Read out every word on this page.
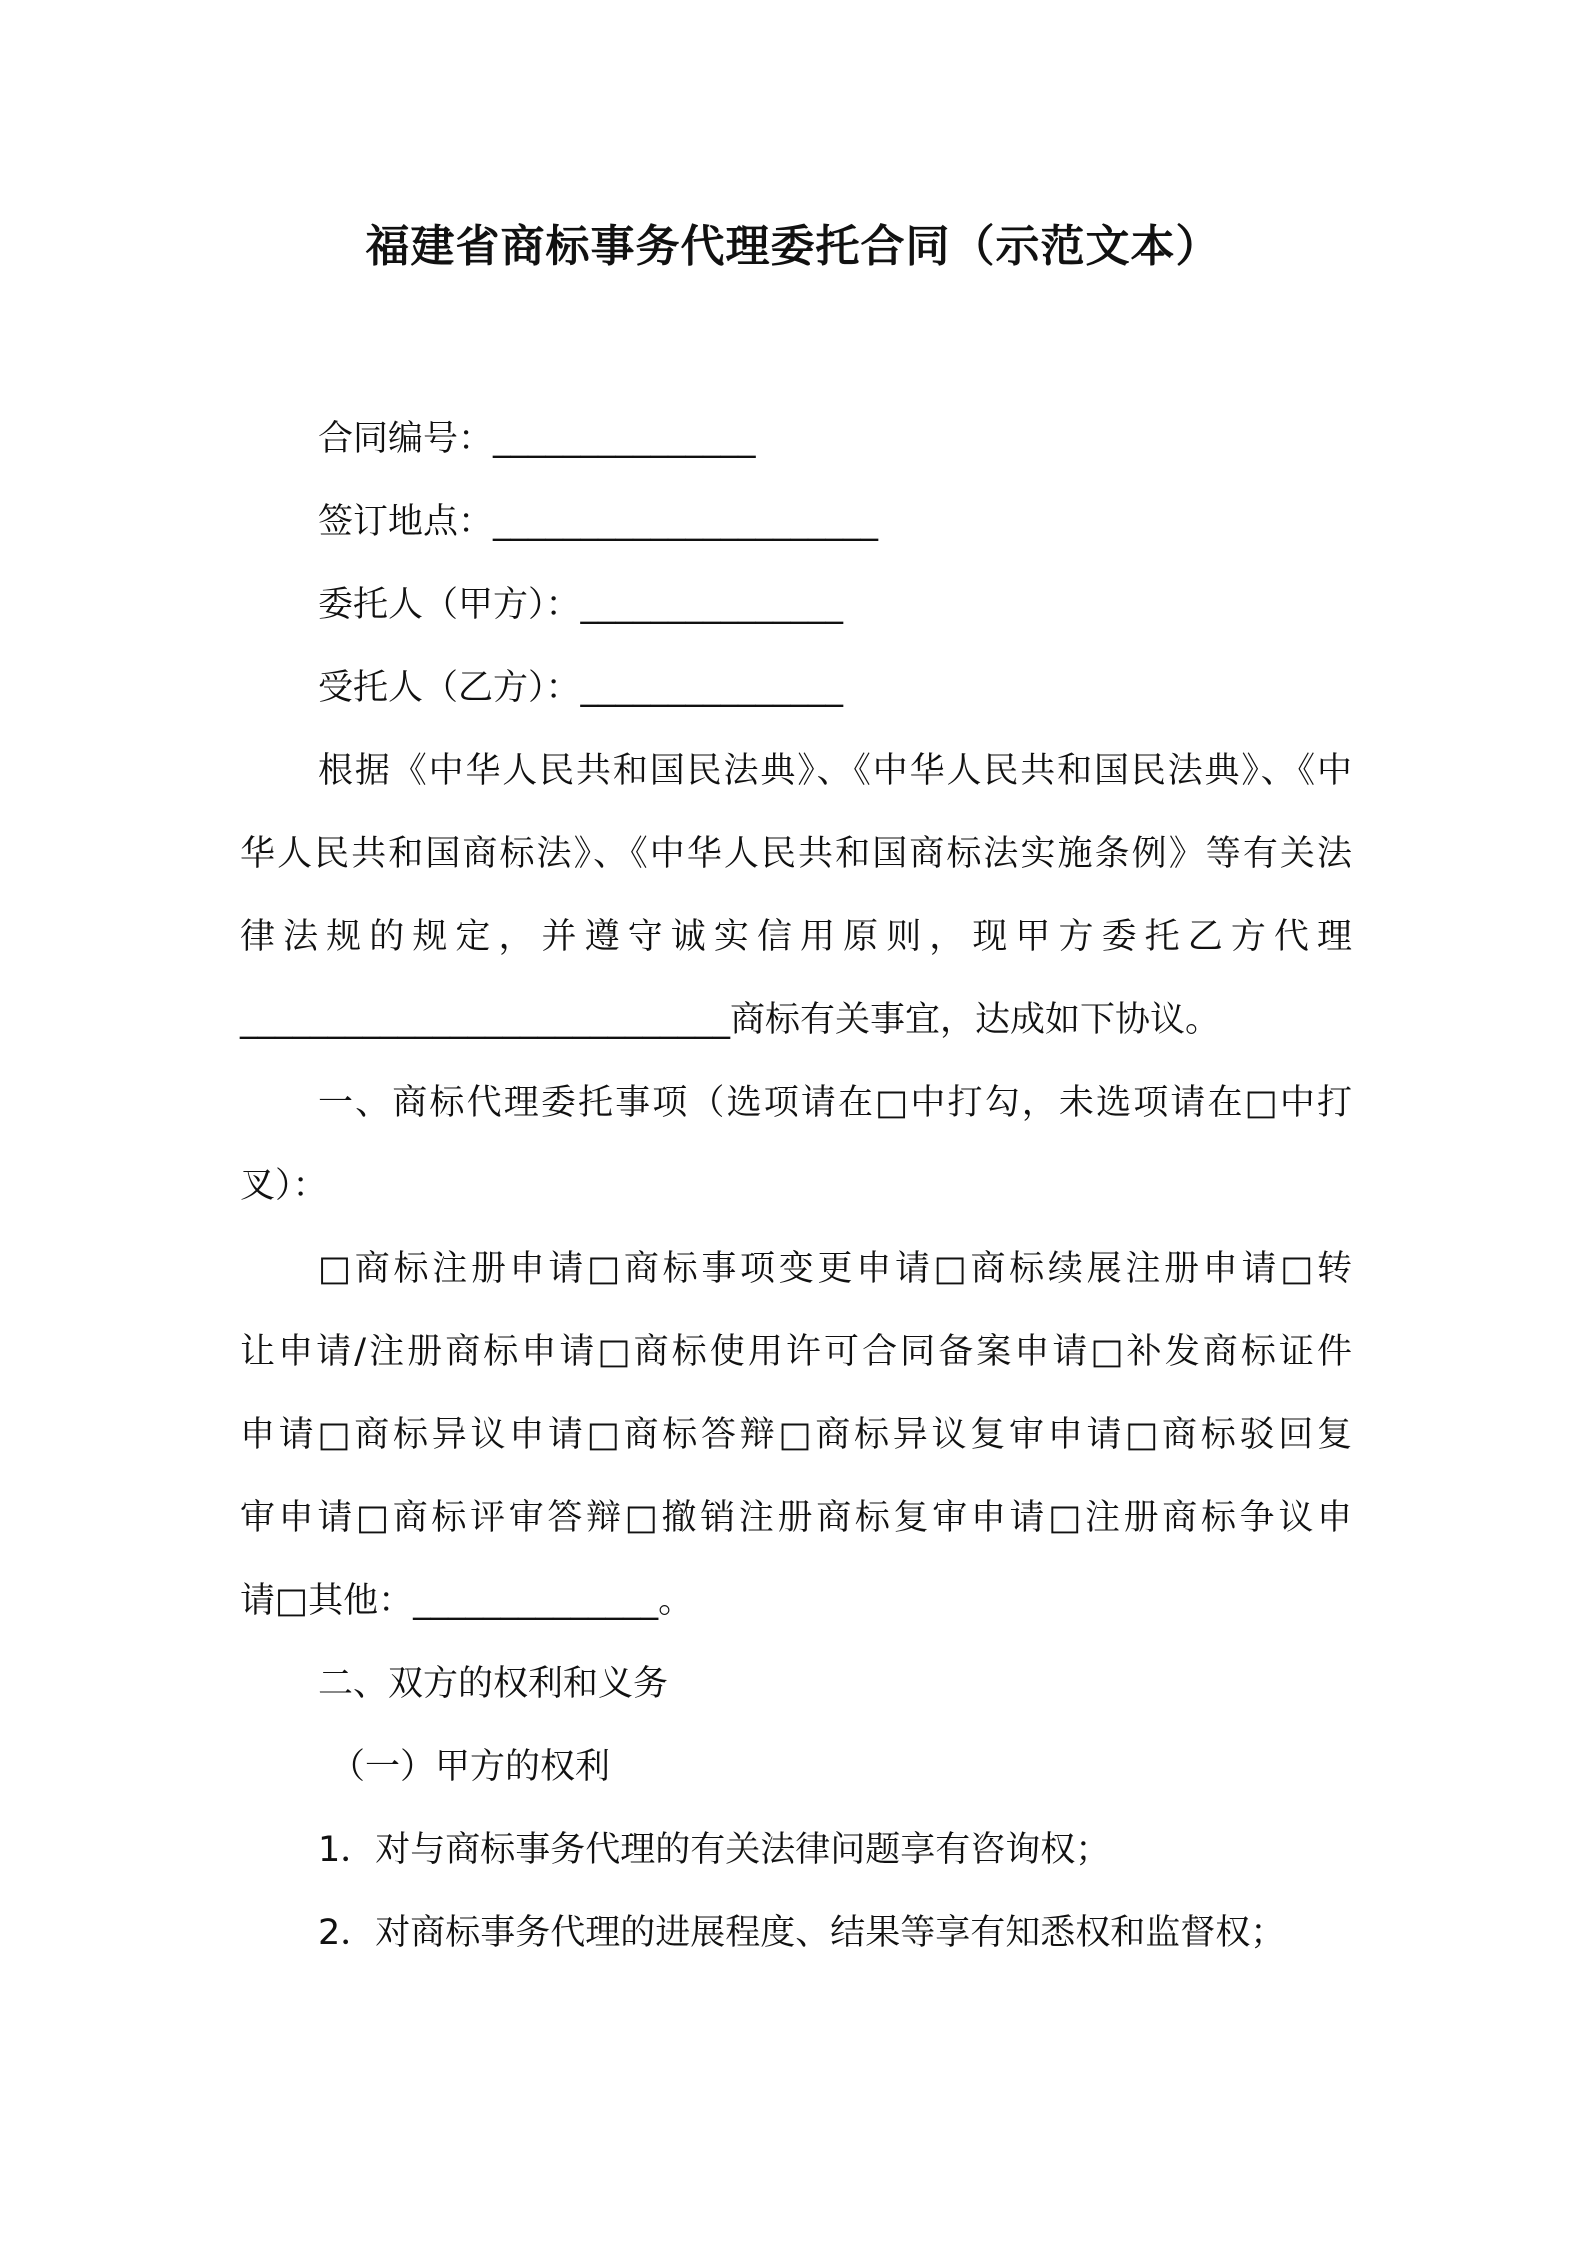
福建省商标事务代理委托合同（示范文本）
合同编号：_______________
签订地点：______________________
委托人（甲方）：_______________
受托人（乙方）：_______________
根据《中华人民共和国民法典》、《中华人民共和国民法典》、《中
华人民共和国商标法》、《中华人民共和国商标法实施条例》等有关法
律法规的规定，并遵守诚实信用原则，现甲方委托乙方代理
____________________________商标有关事宜，达成如下协议。
一、商标代理委托事项（选项请在□中打勾，未选项请在□中打
叉）：
□商标注册申请□商标事项变更申请□商标续展注册申请□转
让申请/注册商标申请□商标使用许可合同备案申请□补发商标证件
申请□商标异议申请□商标答辩□商标异议复审申请□商标驳回复
审申请□商标评审答辩□撤销注册商标复审申请□注册商标争议申
请□其他：______________。
二、双方的权利和义务
（一）甲方的权利
1．对与商标事务代理的有关法律问题享有咨询权；
2．对商标事务代理的进展程度、结果等享有知悉权和监督权；
